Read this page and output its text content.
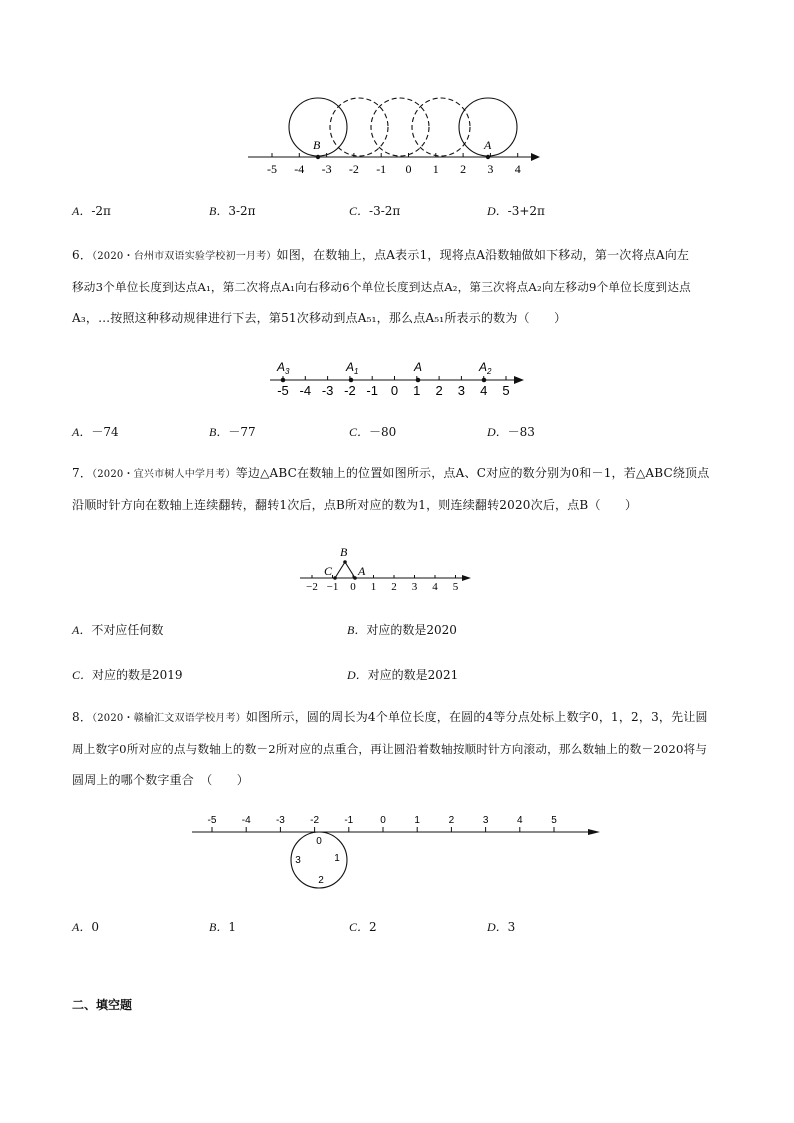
-5 -4 -3 -2 -1 0 1 2 3 4
B	A
A．-2π	B．3-2π	C．-3-2π	D．-3+2π
6．（2020・台州市双语实验学校初一月考）如图，在数轴上，点A表示1，现将点A沿数轴做如下移动，第一次将点A向左
移动3个单位长度到达点A₁，第二次将点A₁向右移动6个单位长度到达点A₂，第三次将点A₂向左移动9个单位长度到达点
A₃，…按照这种移动规律进行下去，第51次移动到点A₅₁，那么点A₅₁所表示的数为（　　）
-5 -4 -3 -2 -1 0 1 2 3 4 5
$A_3$	$A_1$	A	$A_2$
A．－74	B．－77	C．－80	D．－83
7．（2020・宜兴市树人中学月考）等边△ABC在数轴上的位置如图所示，点A、C对应的数分别为0和－1，若△ABC绕顶点
沿顺时针方向在数轴上连续翻转，翻转1次后，点B所对应的数为1，则连续翻转2020次后，点B（　　）
−2 −1 0 1 2 3 4 5
B
C A
A．不对应任何数	B．对应的数是2020
C．对应的数是2019	D．对应的数是2021
8．（2020・赣榆汇文双语学校月考）如图所示，圆的周长为4个单位长度，在圆的4等分点处标上数字0，1，2，3，先让圆
周上数字0所对应的点与数轴上的数－2所对应的点重合，再让圆沿着数轴按顺时针方向滚动，那么数轴上的数－2020将与
圆周上的哪个数字重合　（　　）
-5	-4	-3	-2	-1	0	1	2	3	4	5
0
1
2
3
A．0	B．1	C．2	D．3
二、填空题
